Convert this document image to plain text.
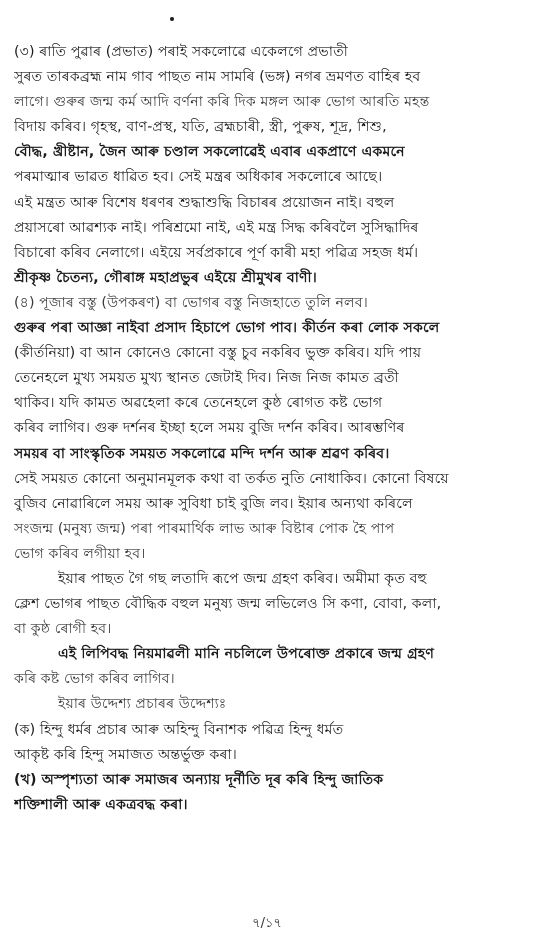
(৩) ৰাতি পুৱাৰ (প্ৰভাত) পৰাই সকলোৱে একেলগে প্ৰভাতী
সুৰত তাৰকব্ৰহ্ম নাম গাব পাছত নাম সামৰি (ভঙ্গ) নগৰ ভ্ৰমণত বাহিৰ হব
লাগে। গুৰুৰ জন্ম কৰ্ম আদি বৰ্ণনা কৰি দিক মঙ্গল আৰু ভোগ আৰতি মহন্ত
বিদায় কৰিব। গৃহস্থ, বাণ-প্ৰস্থ, যতি, ব্ৰহ্মচাৰী, স্ত্ৰী, পুৰুষ, শূদ্ৰ, শিশু,
বৌদ্ধ, খ্ৰীষ্টান, জৈন আৰু চণ্ডাল সকলোৱেই এবাৰ একপ্ৰাণে একমনে
পৰমাত্মাৰ ভাৱত ধাৱিত হব। সেই মন্ত্ৰৰ অধিকাৰ সকলোৰে আছে।
এই মন্ত্ৰত আৰু বিশেষ ধৰণৰ শুদ্ধাশুদ্ধি বিচাৰৰ প্ৰয়োজন নাই। বহুল
প্ৰয়াসৰো আৱশ্যক নাই। পৰিশ্ৰমো নাই, এই মন্ত্ৰ সিদ্ধ কৰিবলৈ সুসিদ্ধাদিৰ
বিচাৰো কৰিব নেলাগে। এইয়ে সৰ্বপ্ৰকাৰে পূৰ্ণ কাৰী মহা পৱিত্ৰ সহজ ধৰ্ম।
শ্ৰীকৃষ্ণ চৈতন্য, গৌৰাঙ্গ মহাপ্ৰভুৰ এইয়ে শ্ৰীমুখৰ বাণী।
(৪) পূজাৰ বস্তু (উপকৰণ) বা ভোগৰ বস্তু নিজহাতে তুলি নলব।
গুৰুৰ পৰা আজ্ঞা নাইবা প্ৰসাদ হিচাপে ভোগ পাব। কীৰ্তন কৰা লোক সকলে
(কীৰ্তনিয়া) বা আন কোনেও কোনো বস্তু চুব নকৰিব ভুক্ত কৰিব। যদি পায়
তেনেহলে মুখ্য সময়ত মুখ্য স্থানত জেটাই দিব। নিজ নিজ কামত ব্ৰতী
থাকিব। যদি কামত অৱহেলা কৰে তেনেহলে কুষ্ঠ ৰোগত কষ্ট ভোগ
কৰিব লাগিব। গুৰু দৰ্শনৰ ইচ্ছা হলে সময় বুজি দৰ্শন কৰিব। আৰম্ভণিৰ
সময়ৰ বা সাংস্কৃতিক সময়ত সকলোৱে মন্দি দৰ্শন আৰু শ্ৰৱণ কৰিব।
সেই সময়ত কোনো অনুমানমূলক কথা বা তৰ্কত নুতি নোধাকিব। কোনো বিষয়ে
বুজিব নোৱাৰিলে সময় আৰু সুবিধা চাই বুজি লব। ইয়াৰ অন্যথা কৰিলে
সংজন্ম (মনুষ্য জন্ম) পৰা পাৰমাৰ্থিক লাভ আৰু বিষ্টাৰ পোক হৈ পাপ
ভোগ কৰিব লগীয়া হব।
ইয়াৰ পাছত গৈ গছ লতাদি ৰূপে জন্ম গ্ৰহণ কৰিব। অমীমা কৃত বহু
ক্লেশ ভোগৰ পাছত বৌদ্ধিক বহুল মনুষ্য জন্ম লভিলেও সি কণা, বোবা, কলা,
বা কুষ্ঠ ৰোগী হব।
এই লিপিবদ্ধ নিয়মাৱলী মানি নচলিলে উপৰোক্ত প্ৰকাৰে জন্ম গ্ৰহণ
কৰি কষ্ট ভোগ কৰিব লাগিব।
ইয়াৰ উদ্দেশ্য প্ৰচাৰৰ উদ্দেশ্যঃ
(ক) হিন্দু ধৰ্মৰ প্ৰচাৰ আৰু অহিন্দু বিনাশক পৱিত্ৰ হিন্দু ধৰ্মত
আকৃষ্ট কৰি হিন্দু সমাজত অন্তৰ্ভুক্ত কৰা।
(খ) অস্পৃশ্যতা আৰু সমাজৰ অন্যায় দূৰ্নীতি দূৰ কৰি হিন্দু জাতিক
শক্তিশালী আৰু একত্ৰবদ্ধ কৰা।
৭/১৭
